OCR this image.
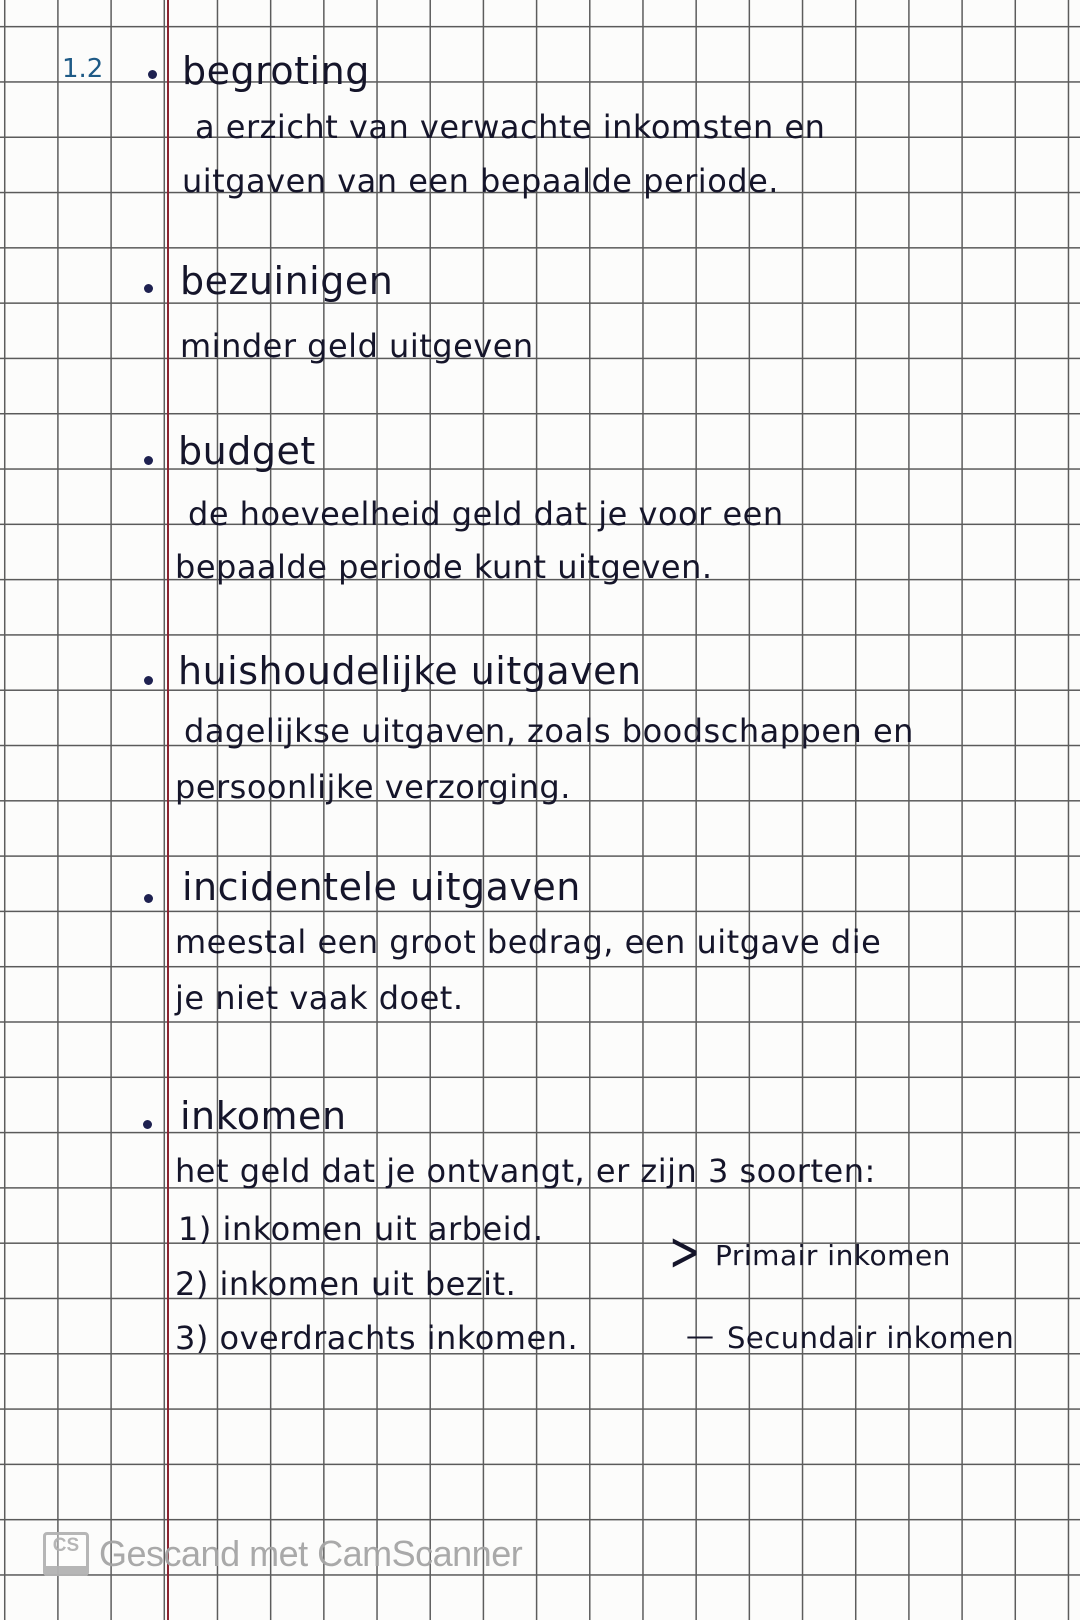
1.2 begroting
a erzicht van verwachte inkomsten en
uitgaven van een bepaalde periode.
bezuinigen
minder geld uitgeven
budget
de hoeveelheid geld dat je voor een
bepaalde periode kunt uitgeven.
huishoudelijke uitgaven
dagelijkse uitgaven, zoals boodschappen en
persoonlijke verzorging.
incidentele uitgaven
meestal een groot bedrag, een uitgave die
je niet vaak doet.
inkomen
het geld dat je ontvangt, er zijn 3 soorten:
1) inkomen uit arbeid.
2) inkomen uit bezit.
3) overdrachts inkomen.
> Primair inkomen
— Secundair inkomen
CS Gescand met CamScanner
